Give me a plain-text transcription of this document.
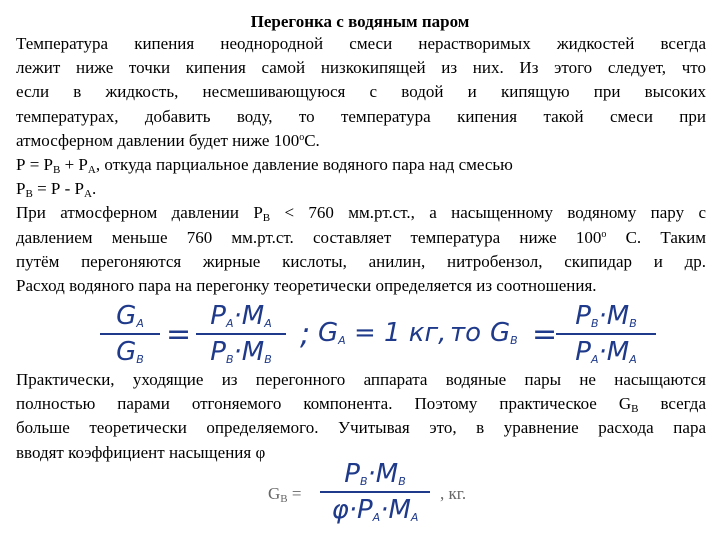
Перегонка с водяным паром
Температура кипения неоднородной смеси нерастворимых жидкостей всегда
лежит ниже точки кипения самой низкокипящей из них. Из этого следует, что
если в жидкость, несмешивающуюся с водой и кипящую при высоких
температурах, добавить воду, то температура кипения такой смеси при
атмосферном давлении будет ниже $100^оС$.
$Р = Р_В + Р_А$, откуда парциальное давление водяного пара над смесью
$Р_В = Р - Р_А$.
При атмосферном давлении $Р_В < 760$ мм.рт.ст., а насыщенному водяному пару с
давлением меньше 760 мм.рт.ст. составляет температура ниже $100^о$ С. Таким
путём перегоняются жирные кислоты, анилин, нитробензол, скипидар и др.
Расход водяного пара на перегонку теоретически определяется из соотношения.
$G_A$
$G_B$
=
$P_A\cdot M_A$
$P_B\cdot M_B$
; $G_A = 1$ кг, то $G_B$ =
$P_B\cdot M_B$
$P_A\cdot M_A$
Практически, уходящие из перегонного аппарата водяные пары не насыщаются
полностью парами отгоняемого компонента. Поэтому практическое $G_В$ всегда
больше теоретически определяемого. Учитывая это, в уравнение расхода пара
вводят коэффициент насыщения φ
$G_В$ =
$P_B\cdot M_B$
$\varphi\cdot P_A\cdot M_A$
, кг.
